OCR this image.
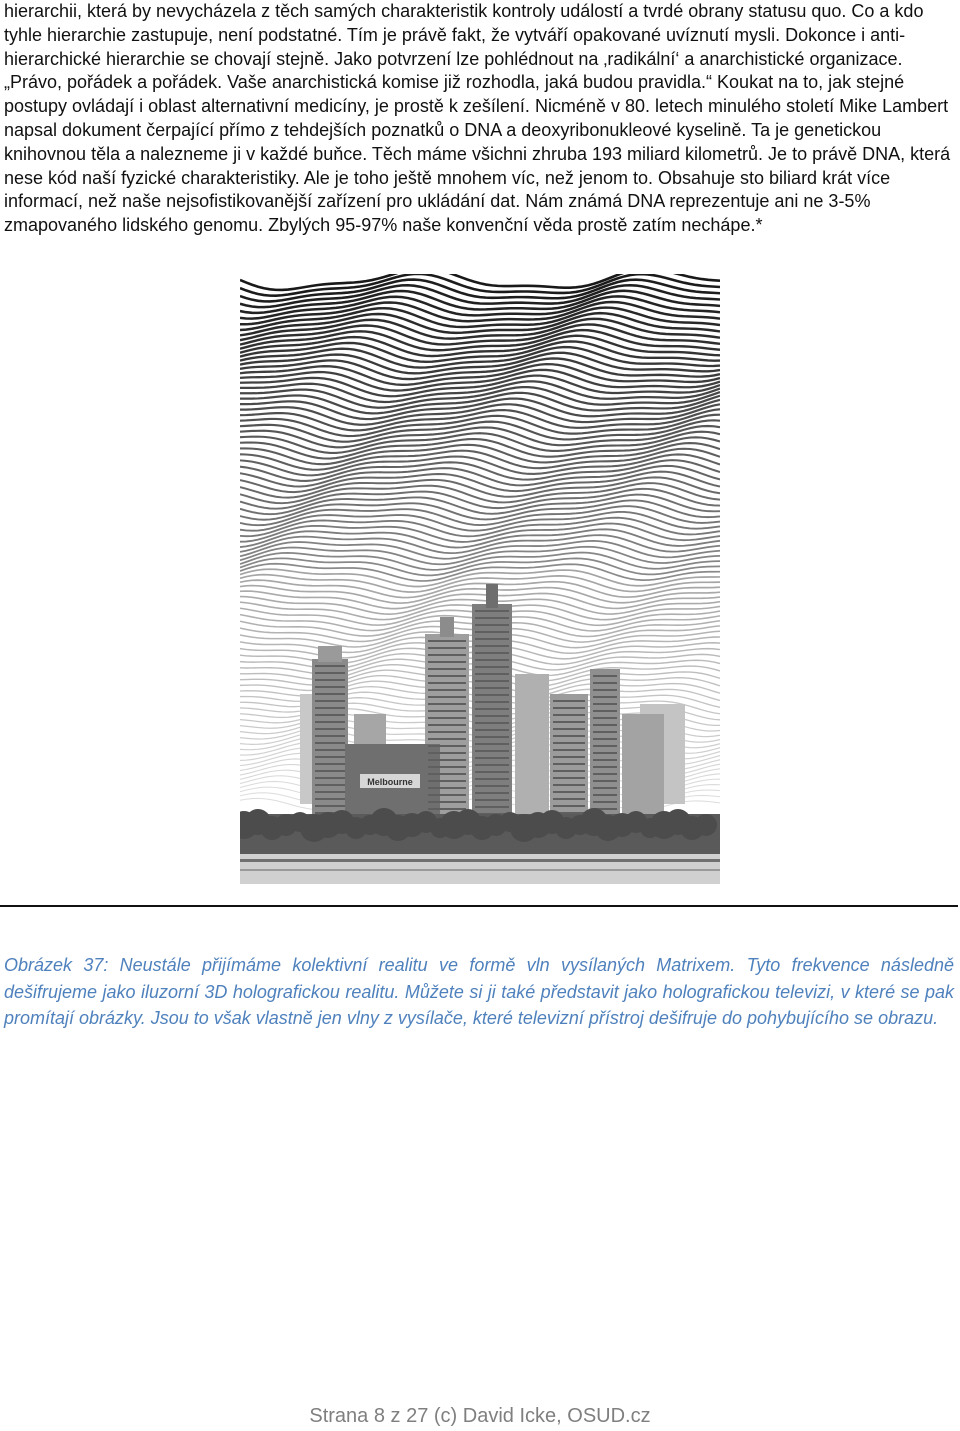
hierarchii, která by nevycházela z těch samých charakteristik kontroly událostí a tvrdé obrany statusu quo. Co a kdo tyhle hierarchie zastupuje, není podstatné. Tím je právě fakt, že vytváří opakované uvíznutí mysli. Dokonce i anti-hierarchické hierarchie se chovají stejně. Jako potvrzení lze pohlédnout na ‚radikální‘ a anarchistické organizace. „Právo, pořádek a pořádek. Vaše anarchistická komise již rozhodla, jaká budou pravidla.“ Koukat na to, jak stejné postupy ovládají i oblast alternativní medicíny, je prostě k zešílení. Nicméně v 80. letech minulého století Mike Lambert napsal dokument čerpající přímo z tehdejších poznatků o DNA a deoxyribonukleové kyselině. Ta je genetickou knihovnou těla a nalezneme ji v každé buňce. Těch máme všichni zhruba 193 miliard kilometrů. Je to právě DNA, která nese kód naší fyzické charakteristiky. Ale je toho ještě mnohem víc, než jenom to. Obsahuje sto biliard krát více informací, než naše nejsofistikovanější zařízení pro ukládání dat. Nám známá DNA reprezentuje ani ne 3-5% zmapovaného lidského genomu. Zbylých 95-97% naše konvenční věda prostě zatím nechápe.*

Melbourne

Obrázek 37: Neustále přijímáme kolektivní realitu ve formě vln vysílaných Matrixem. Tyto frekvence následně dešifrujeme jako iluzorní 3D holografickou realitu. Můžete si ji také představit jako holografickou televizi, v které se pak promítají obrázky. Jsou to však vlastně jen vlny z vysílače, které televizní přístroj dešifruje do pohybujícího se obrazu.

Strana 8 z 27 (c) David Icke, OSUD.cz
